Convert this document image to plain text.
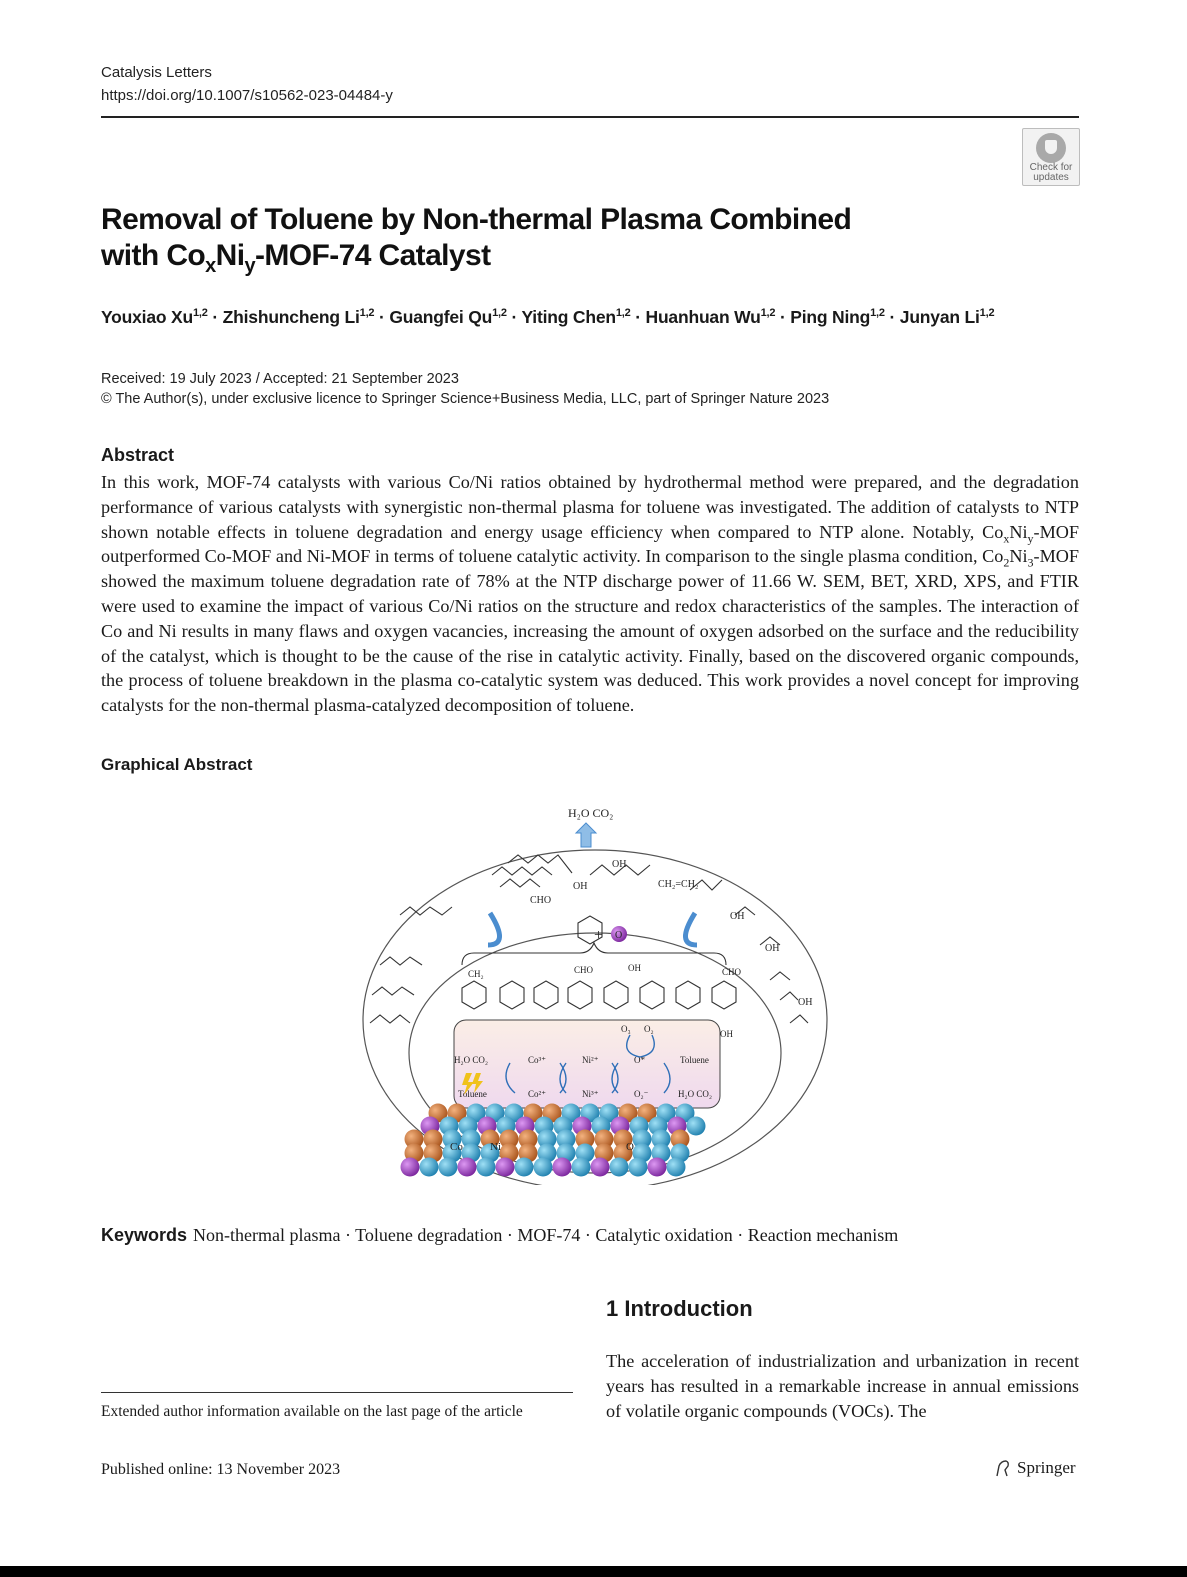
Catalysis Letters
https://doi.org/10.1007/s10562-023-04484-y
Check for updates
Removal of Toluene by Non-thermal Plasma Combined
with $Co_xNi_y-MOF-74$ Catalyst
Youxiao Xu$^{1,2}$ · Zhishuncheng Li$^{1,2}$ · Guangfei Qu$^{1,2}$ · Yiting Chen$^{1,2}$ · Huanhuan Wu$^{1,2}$ · Ping Ning$^{1,2}$ · Junyan Li$^{1,2}$
Received: 19 July 2023 / Accepted: 21 September 2023
© The Author(s), under exclusive licence to Springer Science+Business Media, LLC, part of Springer Nature 2023
Abstract
In this work, MOF-74 catalysts with various Co/Ni ratios obtained by hydrothermal method were prepared, and the degradation performance of various catalysts with synergistic non-thermal plasma for toluene was investigated. The addition of catalysts to NTP shown notable effects in toluene degradation and energy usage efficiency when compared to NTP alone. Notably, $Co_xNi_y$-MOF outperformed Co-MOF and Ni-MOF in terms of toluene catalytic activity. In comparison to the single plasma condition, $Co_2Ni_3$-MOF showed the maximum toluene degradation rate of 78% at the NTP discharge power of 11.66 W. SEM, BET, XRD, XPS, and FTIR were used to examine the impact of various Co/Ni ratios on the structure and redox characteristics of the samples. The interaction of Co and Ni results in many flaws and oxygen vacancies, increasing the amount of oxygen adsorbed on the surface and the reducibility of the catalyst, which is thought to be the cause of the rise in catalytic activity. Finally, based on the discovered organic compounds, the process of toluene breakdown in the plasma co-catalytic system was deduced. This work provides a novel concept for improving catalysts for the non-thermal plasma-catalyzed decomposition of toluene.
Graphical Abstract
H₂O CO₂
CHO
OH
OH
CH₂=CH₂
OH
OH
OH
+ O
CH₂	CHO	OH	CHO
OH
O₃ O₂
H₂O CO₂
Toluene
Co³⁺
Co²⁺
Ni²⁺
Ni³⁺
O*
O₂⁻
Toluene
H₂O CO₂
Co Ni	O
Keywords Non-thermal plasma · Toluene degradation · MOF-74 · Catalytic oxidation · Reaction mechanism
1 Introduction
The acceleration of industrialization and urbanization in recent years has resulted in a remarkable increase in annual emissions of volatile organic compounds (VOCs). The
Extended author information available on the last page of the article
Published online: 13 November 2023	Springer
